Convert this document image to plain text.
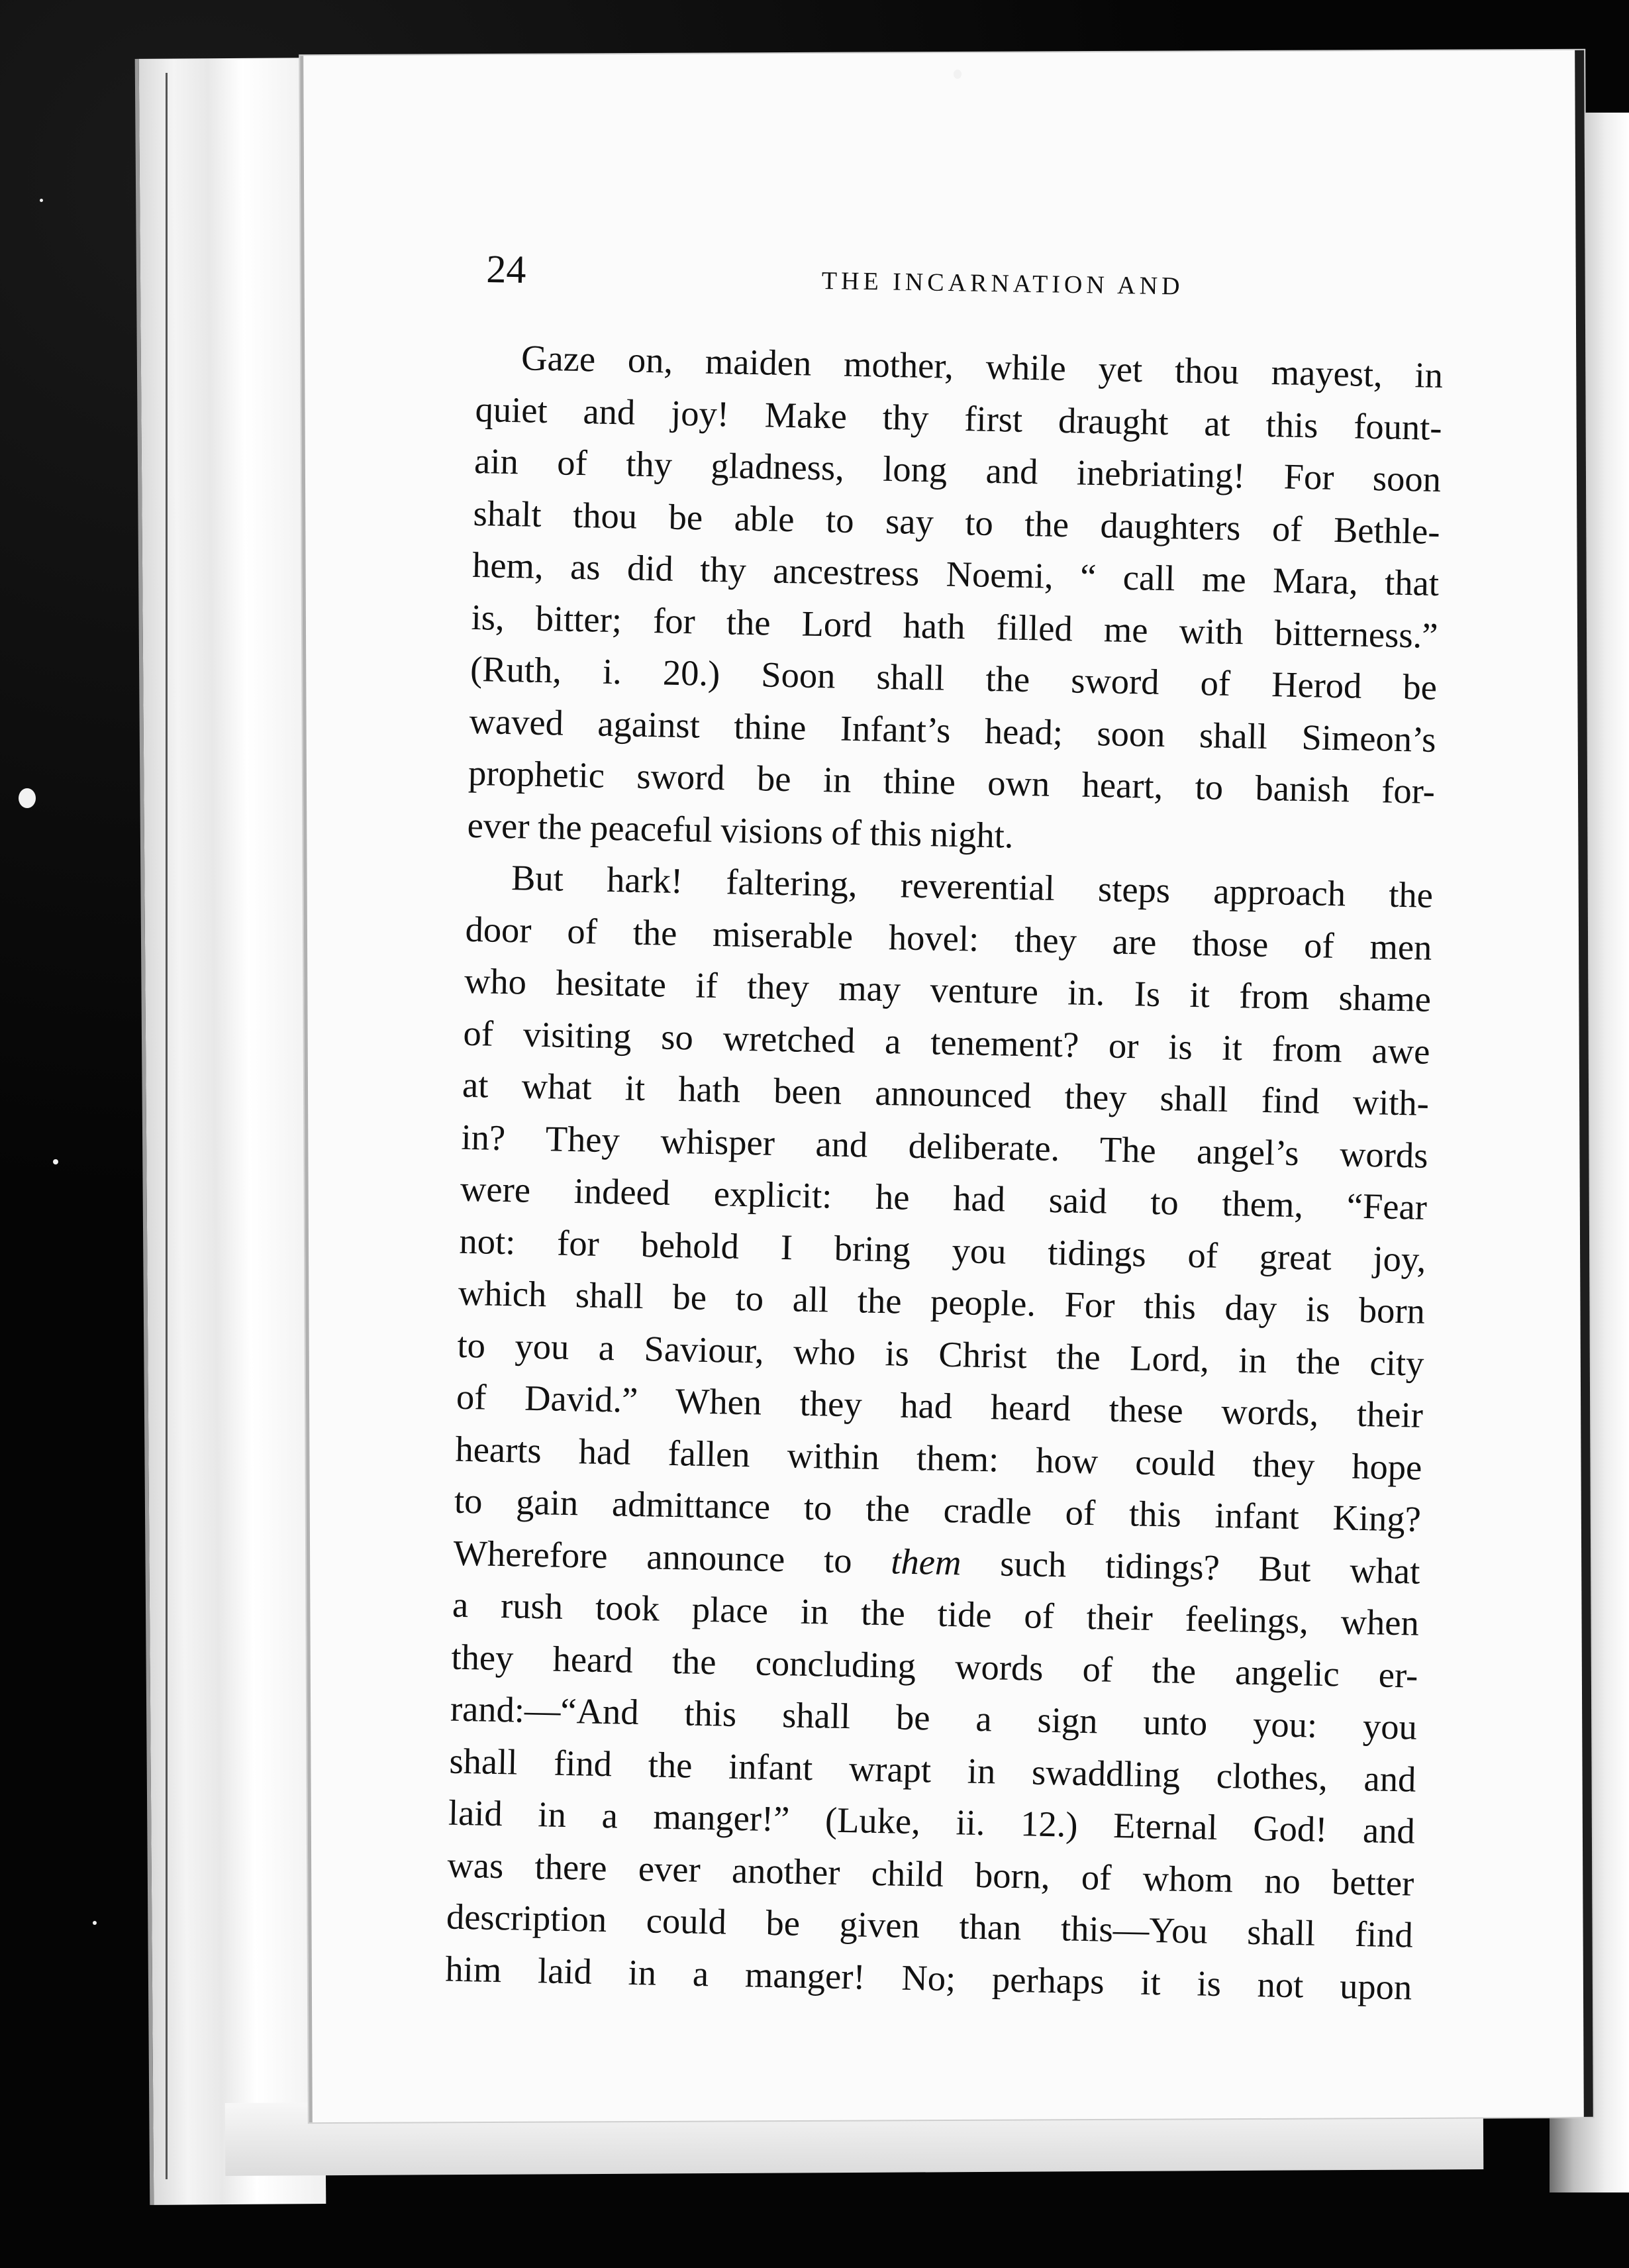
24	THE INCARNATION AND
Gaze on, maiden mother, while yet thou mayest, in
quiet and joy! Make thy first draught at this fount-
ain of thy gladness, long and inebriating! For soon
shalt thou be able to say to the daughters of Bethle-
hem, as did thy ancestress Noemi, “ call me Mara, that
is, bitter; for the Lord hath filled me with bitterness.”
(Ruth, i. 20.) Soon shall the sword of Herod be
waved against thine Infant’s head; soon shall Simeon’s
prophetic sword be in thine own heart, to banish for-
ever the peaceful visions of this night.
But hark! faltering, reverential steps approach the
door of the miserable hovel: they are those of men
who hesitate if they may venture in. Is it from shame
of visiting so wretched a tenement? or is it from awe
at what it hath been announced they shall find with-
in? They whisper and deliberate. The angel’s words
were indeed explicit: he had said to them, “Fear
not: for behold I bring you tidings of great joy,
which shall be to all the people. For this day is born
to you a Saviour, who is Christ the Lord, in the city
of David.” When they had heard these words, their
hearts had fallen within them: how could they hope
to gain admittance to the cradle of this infant King?
Wherefore announce to them such tidings? But what
a rush took place in the tide of their feelings, when
they heard the concluding words of the angelic er-
rand:—“And this shall be a sign unto you: you
shall find the infant wrapt in swaddling clothes, and
laid in a manger!” (Luke, ii. 12.) Eternal God! and
was there ever another child born, of whom no better
description could be given than this—You shall find
him laid in a manger! No; perhaps it is not upon
